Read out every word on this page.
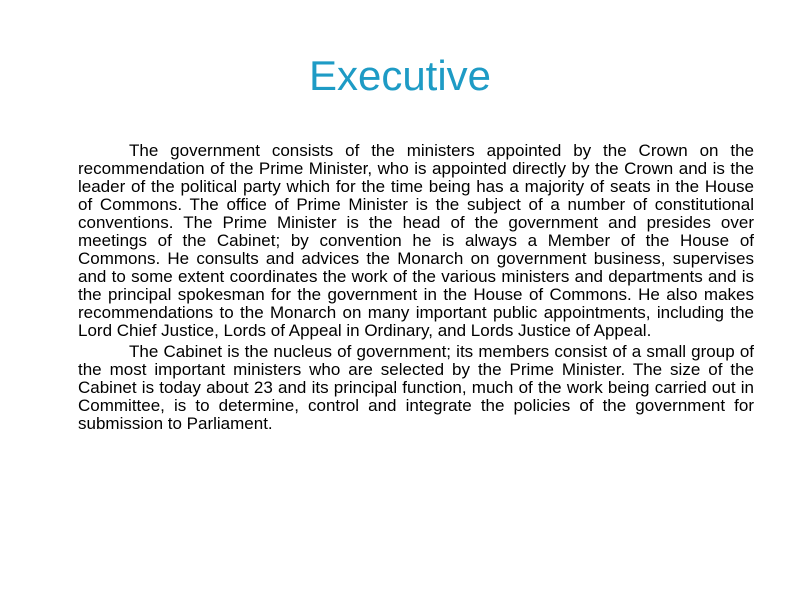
Executive

The government consists of the ministers appointed by the Crown on the recommendation of the Prime Minister, who is appointed directly by the Crown and is the leader of the political party which for the time being has a majority of seats in the House of Commons. The office of Prime Minister is the subject of a number of constitutional conventions. The Prime Minister is the head of the government and presides over meetings of the Cabinet; by convention he is always a Member of the House of Commons. He consults and advices the Monarch on government business, supervises and to some extent coordinates the work of the various ministers and departments and is the principal spokesman for the government in the House of Commons. He also makes recommendations to the Monarch on many important public appointments, including the Lord Chief Justice, Lords of Appeal in Ordinary, and Lords Justice of Appeal.

The Cabinet is the nucleus of government; its members consist of a small group of the most important ministers who are selected by the Prime Minister. The size of the Cabinet is today about 23 and its principal function, much of the work being carried out in Committee, is to determine, control and integrate the policies of the government for submission to Parliament.
